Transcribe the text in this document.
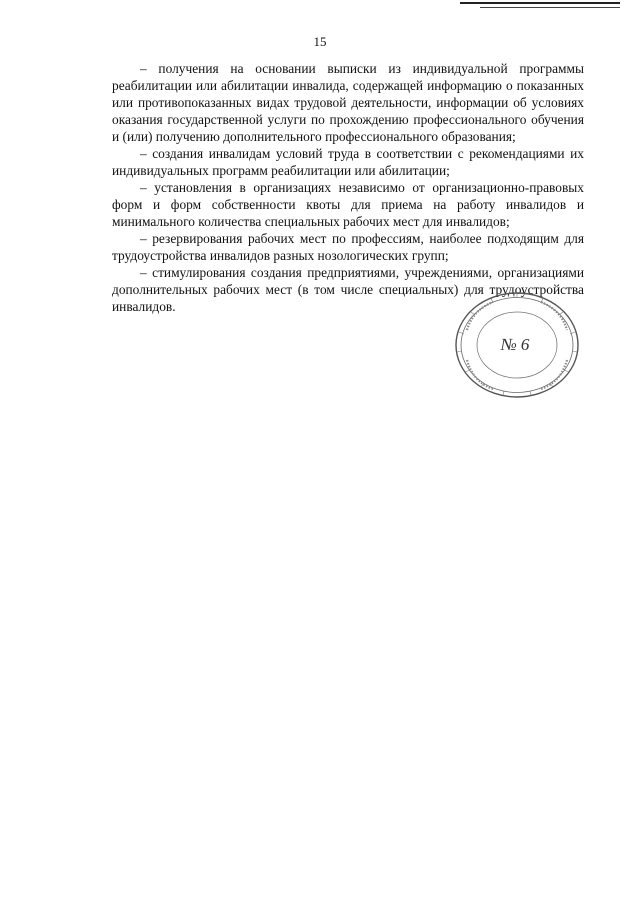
15

– получения на основании выписки из индивидуальной программы реабилитации или абилитации инвалида, содержащей информацию о показанных или противопоказанных видах трудовой деятельности, информации об условиях оказания государственной услуги по прохождению профессионального обучения и (или) получению дополнительного профессионального образования;

– создания инвалидам условий труда в соответствии с рекомендациями их индивидуальных программ реабилитации или абилитации;

– установления в организациях независимо от организационно-правовых форм и форм собственности квоты для приема на работу инвалидов и минимального количества специальных рабочих мест для инвалидов;

– резервирования рабочих мест по профессиям, наиболее подходящим для трудоустройства инвалидов разных нозологических групп;

– стимулирования создания предприятиями, учреждениями, организациями дополнительных рабочих мест (в том числе специальных) для трудоустройства инвалидов.

№ 6
